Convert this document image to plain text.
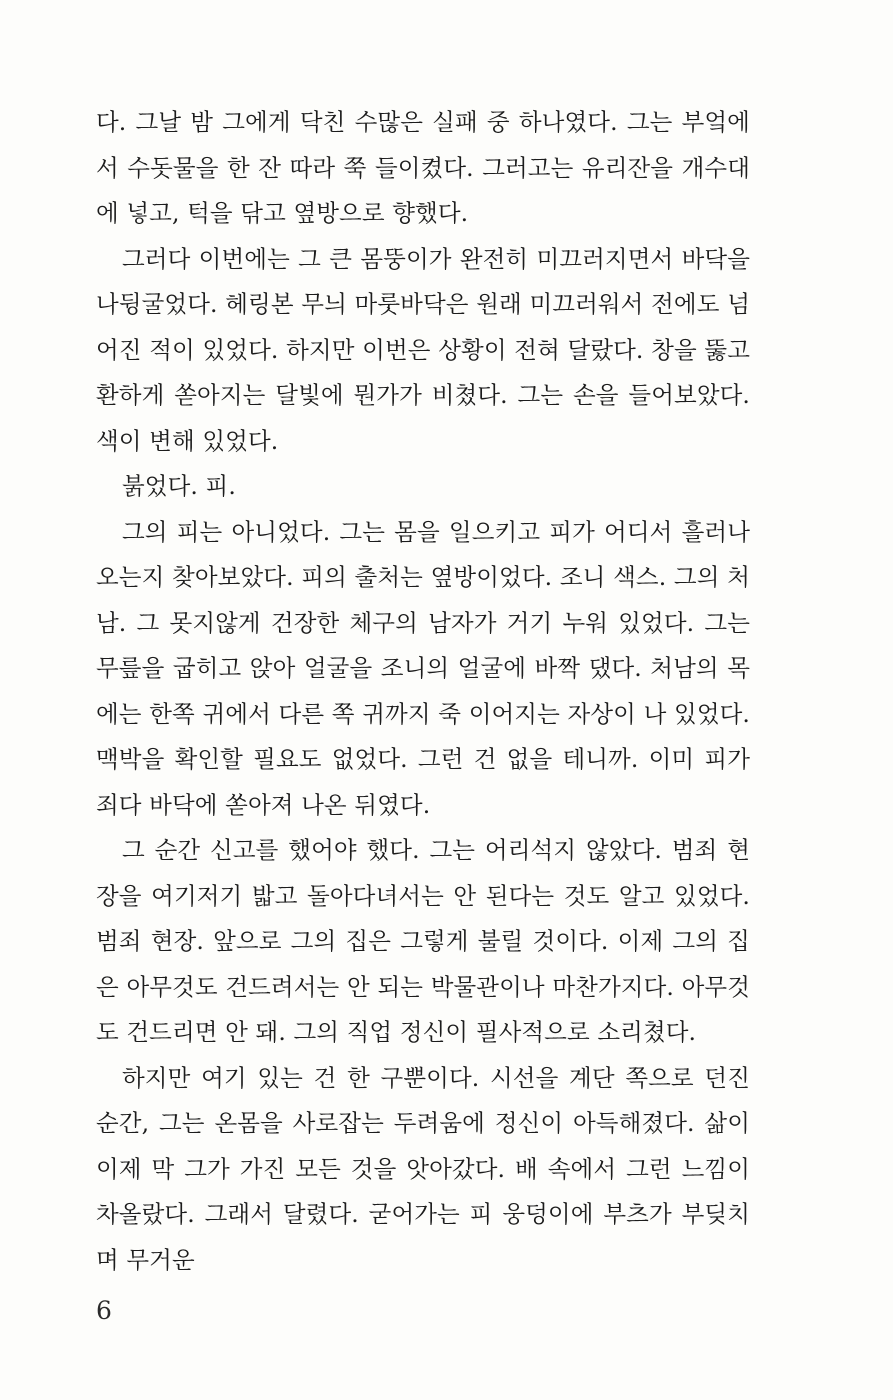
다. 그날 밤 그에게 닥친 수많은 실패 중 하나였다. 그는 부엌에서 수돗물을 한 잔 따라 쭉 들이켰다. 그러고는 유리잔을 개수대에 넣고, 턱을 닦고 옆방으로 향했다.

그러다 이번에는 그 큰 몸뚱이가 완전히 미끄러지면서 바닥을 나뒹굴었다. 헤링본 무늬 마룻바닥은 원래 미끄러워서 전에도 넘어진 적이 있었다. 하지만 이번은 상황이 전혀 달랐다. 창을 뚫고 환하게 쏟아지는 달빛에 뭔가가 비쳤다. 그는 손을 들어보았다. 색이 변해 있었다.

붉었다. 피.

그의 피는 아니었다. 그는 몸을 일으키고 피가 어디서 흘러나오는지 찾아보았다. 피의 출처는 옆방이었다. 조니 색스. 그의 처남. 그 못지않게 건장한 체구의 남자가 거기 누워 있었다. 그는 무릎을 굽히고 앉아 얼굴을 조니의 얼굴에 바짝 댔다. 처남의 목에는 한쪽 귀에서 다른 쪽 귀까지 죽 이어지는 자상이 나 있었다. 맥박을 확인할 필요도 없었다. 그런 건 없을 테니까. 이미 피가 죄다 바닥에 쏟아져 나온 뒤였다.

그 순간 신고를 했어야 했다. 그는 어리석지 않았다. 범죄 현장을 여기저기 밟고 돌아다녀서는 안 된다는 것도 알고 있었다. 범죄 현장. 앞으로 그의 집은 그렇게 불릴 것이다. 이제 그의 집은 아무것도 건드려서는 안 되는 박물관이나 마찬가지다. 아무것도 건드리면 안 돼. 그의 직업 정신이 필사적으로 소리쳤다.

하지만 여기 있는 건 한 구뿐이다. 시선을 계단 쪽으로 던진 순간, 그는 온몸을 사로잡는 두려움에 정신이 아득해졌다. 삶이 이제 막 그가 가진 모든 것을 앗아갔다. 배 속에서 그런 느낌이 차올랐다. 그래서 달렸다. 굳어가는 피 웅덩이에 부츠가 부딪치며 무거운

6
